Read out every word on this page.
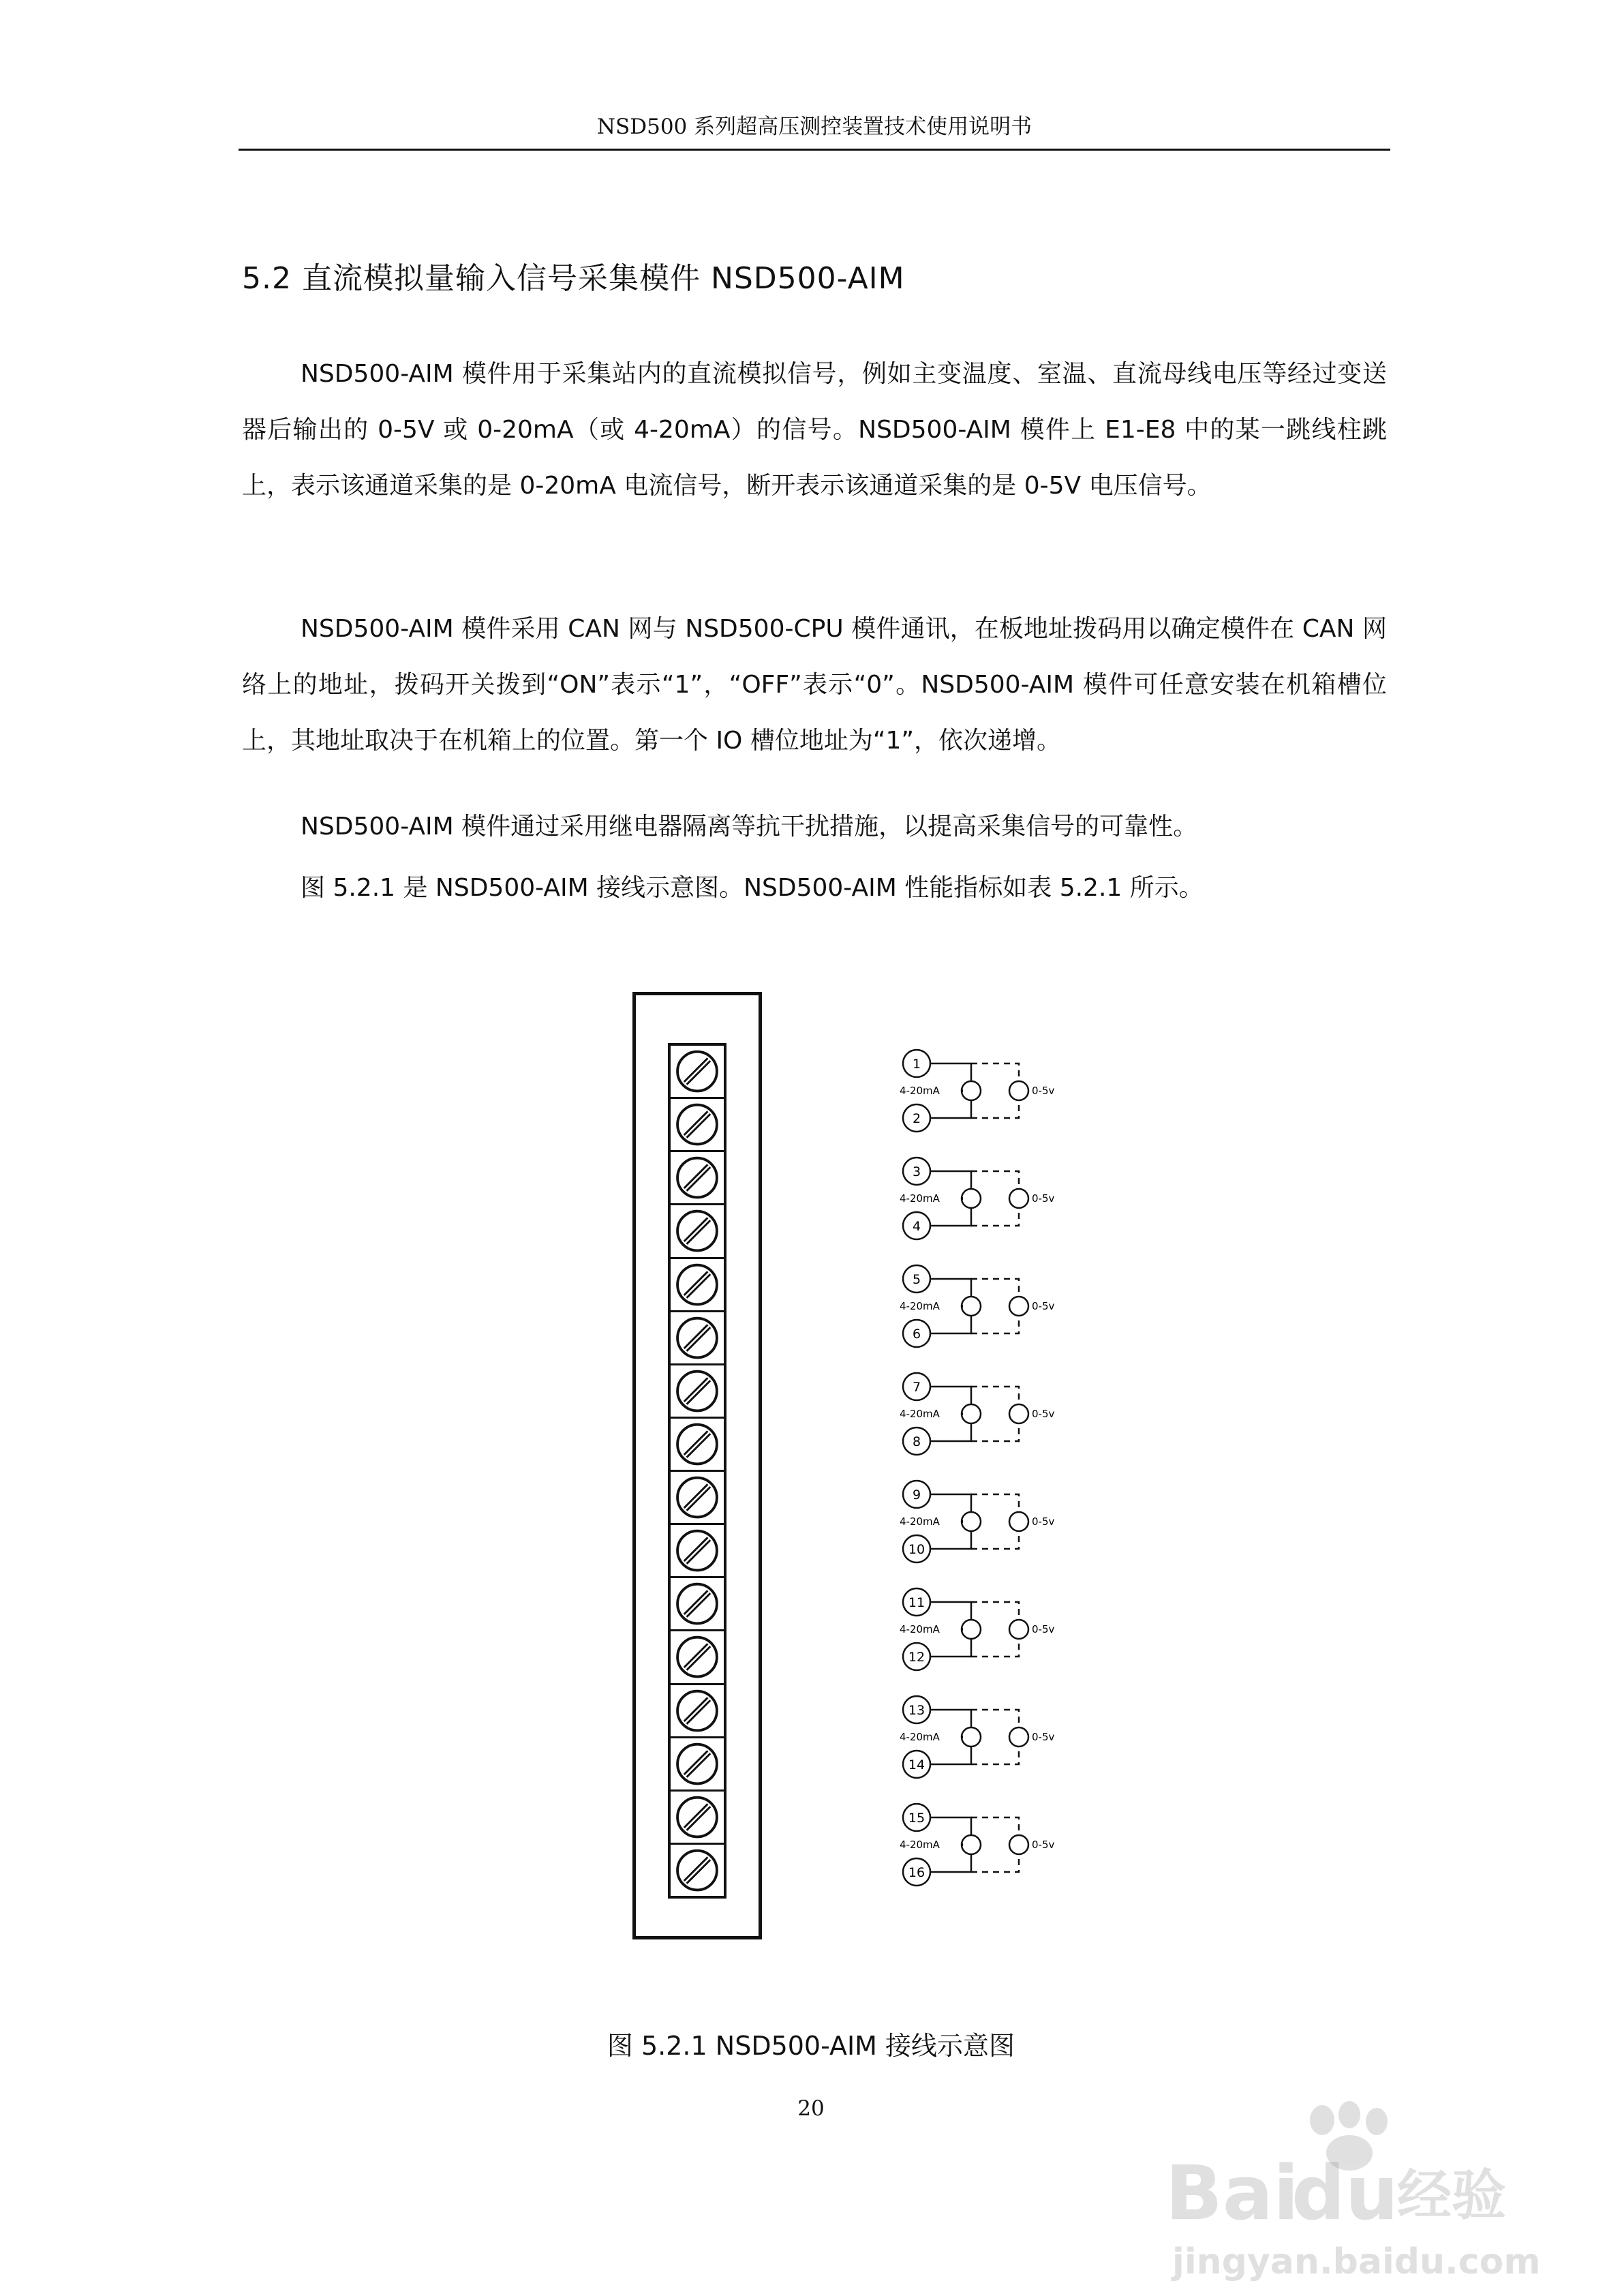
NSD500 系列超高压测控装置技术使用说明书
5.2 直流模拟量输入信号采集模件 NSD500-AIM

NSD500-AIM 模件用于采集站内的直流模拟信号，例如主变温度、室温、直流母线电压等经过变送器后输出的 0-5V 或 0-20mA（或 4-20mA）的信号。NSD500-AIM 模件上 E1-E8 中的某一跳线柱跳上，表示该通道采集的是 0-20mA 电流信号，断开表示该通道采集的是 0-5V 电压信号。

NSD500-AIM 模件采用 CAN 网与 NSD500-CPU 模件通讯，在板地址拨码用以确定模件在 CAN 网络上的地址，拨码开关拨到“ON”表示“1”，“OFF”表示“0”。NSD500-AIM 模件可任意安装在机箱槽位上，其地址取决于在机箱上的位置。第一个 IO 槽位地址为“1”，依次递增。

NSD500-AIM 模件通过采用继电器隔离等抗干扰措施，以提高采集信号的可靠性。

图 5.2.1 是 NSD500-AIM 接线示意图。NSD500-AIM 性能指标如表 5.2.1 所示。

1
2
4-20mA	0-5v
3
4
4-20mA	0-5v
5
6
4-20mA	0-5v
7
8
4-20mA	0-5v
9
10
4-20mA	0-5v
11
12
4-20mA	0-5v
13
14
4-20mA	0-5v
15
16
4-20mA	0-5v
图 5.2.1 NSD500-AIM 接线示意图
20
Bai
du
经验
jingyan.baidu.com
